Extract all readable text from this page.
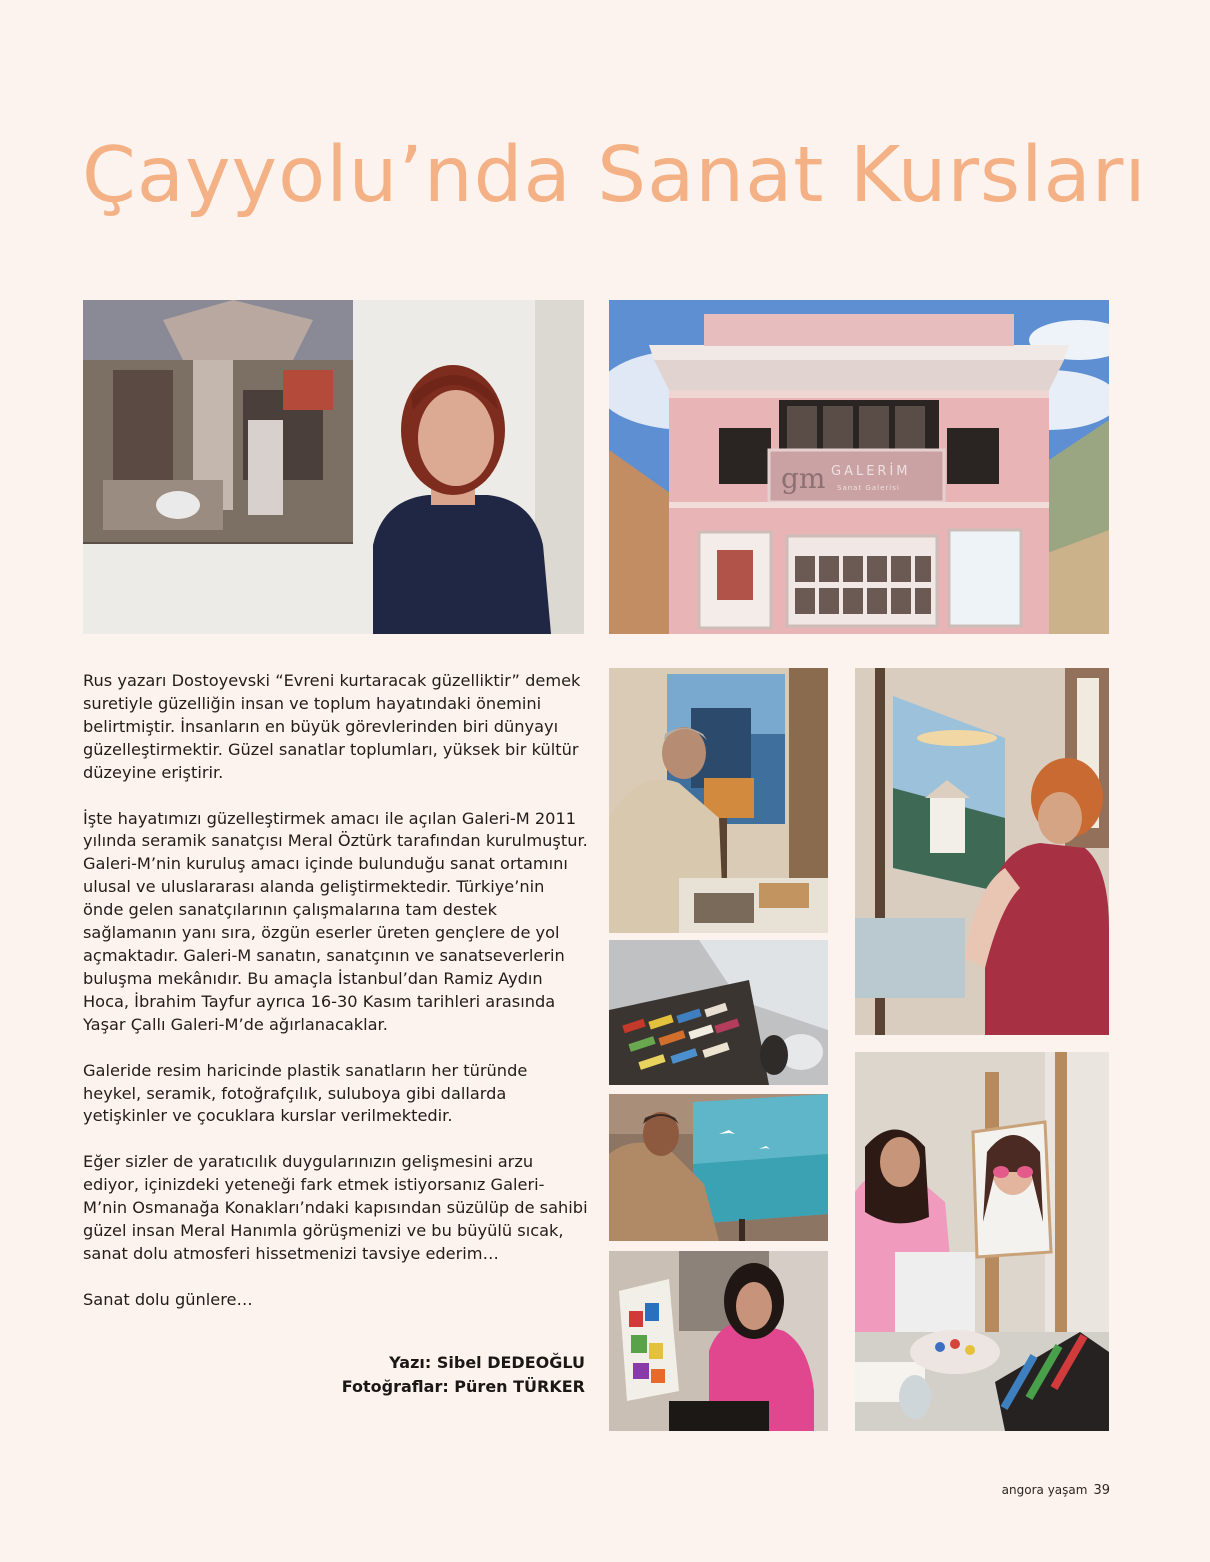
Çayyolu’nda Sanat Kursları
gm GALERİM
Sanat Galerisi

Rus yazarı Dostoyevski “Evreni kurtaracak güzelliktir” demek suretiyle güzelliğin insan ve toplum hayatındaki önemini belirtmiştir. İnsanların en büyük görevlerinden biri dünyayı güzelleştirmektir. Güzel sanatlar toplumları, yüksek bir kültür düzeyine eriştirir.

İşte hayatımızı güzelleştirmek amacı ile açılan Galeri-M 2011 yılında seramik sanatçısı Meral Öztürk tarafından kurulmuştur. Galeri-M’nin kuruluş amacı içinde bulunduğu sanat ortamını ulusal ve uluslararası alanda geliştirmektedir. Türkiye’nin önde gelen sanatçılarının çalışmalarına tam destek sağlamanın yanı sıra, özgün eserler üreten gençlere de yol açmaktadır. Galeri-M sanatın, sanatçının ve sanatseverlerin buluşma mekânıdır. Bu amaçla İstanbul’dan Ramiz Aydın Hoca, İbrahim Tayfur ayrıca 16-30 Kasım tarihleri arasında Yaşar Çallı Galeri-M’de ağırlanacaklar.

Galeride resim haricinde plastik sanatların her türünde heykel, seramik, fotoğrafçılık, suluboya gibi dallarda yetişkinler ve çocuklara kurslar verilmektedir.

Eğer sizler de yaratıcılık duygularınızın gelişmesini arzu ediyor, içinizdeki yeteneği fark etmek istiyorsanız Galeri-M’nin Osmanağa Konakları’ndaki kapısından süzülüp de sahibi güzel insan Meral Hanımla görüşmenizi ve bu büyülü sıcak, sanat dolu atmosferi hissetmenizi tavsiye ederim…

Sanat dolu günlere…

Yazı: Sibel DEDEOĞLU
Fotoğraflar: Püren TÜRKER
angora yaşam 39
